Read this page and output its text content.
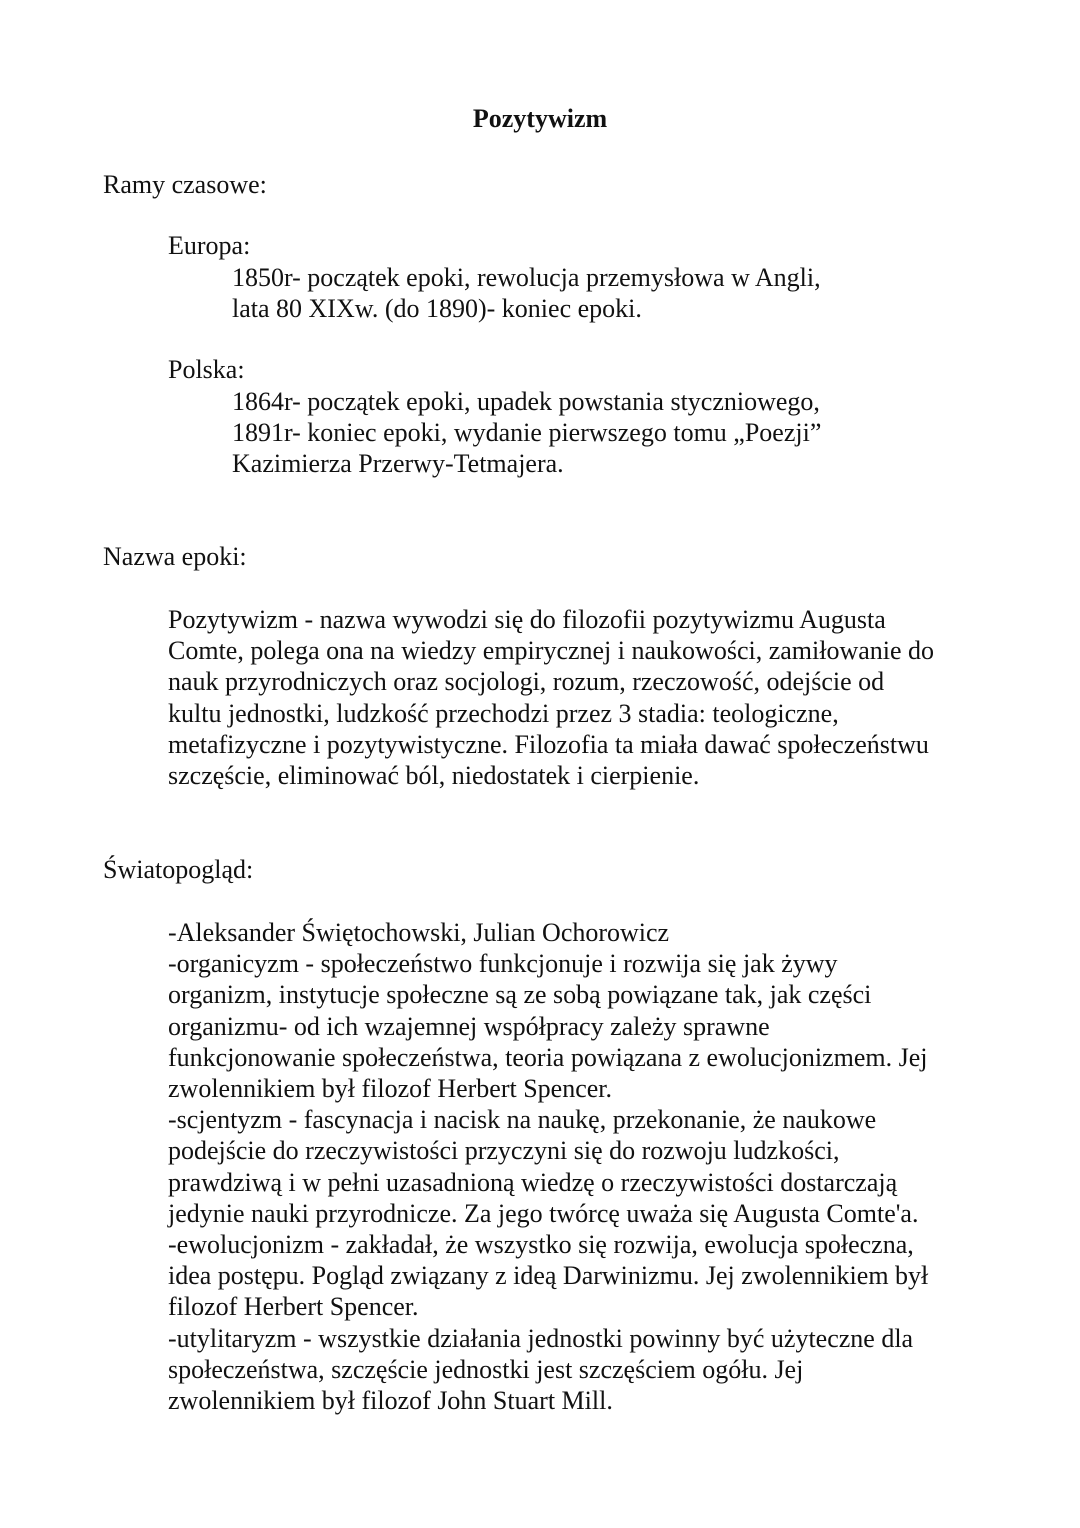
Pozytywizm
Ramy czasowe:
Europa:
1850r- początek epoki, rewolucja przemysłowa w Angli,
lata 80 XIXw. (do 1890)- koniec epoki.
Polska:
1864r- początek epoki, upadek powstania styczniowego,
1891r- koniec epoki, wydanie pierwszego tomu „Poezji”
Kazimierza Przerwy-Tetmajera.
Nazwa epoki:
Pozytywizm - nazwa wywodzi się do filozofii pozytywizmu Augusta
Comte, polega ona na wiedzy empirycznej i naukowości, zamiłowanie do
nauk przyrodniczych oraz socjologi, rozum, rzeczowość, odejście od
kultu jednostki, ludzkość przechodzi przez 3 stadia: teologiczne,
metafizyczne i pozytywistyczne. Filozofia ta miała dawać społeczeństwu
szczęście, eliminować ból, niedostatek i cierpienie.
Światopogląd:
-Aleksander Świętochowski, Julian Ochorowicz
-organicyzm - społeczeństwo funkcjonuje i rozwija się jak żywy
organizm, instytucje społeczne są ze sobą powiązane tak, jak części
organizmu- od ich wzajemnej współpracy zależy sprawne
funkcjonowanie społeczeństwa, teoria powiązana z ewolucjonizmem. Jej
zwolennikiem był filozof Herbert Spencer.
-scjentyzm - fascynacja i nacisk na naukę, przekonanie, że naukowe
podejście do rzeczywistości przyczyni się do rozwoju ludzkości,
prawdziwą i w pełni uzasadnioną wiedzę o rzeczywistości dostarczają
jedynie nauki przyrodnicze. Za jego twórcę uważa się Augusta Comte'a.
-ewolucjonizm - zakładał, że wszystko się rozwija, ewolucja społeczna,
idea postępu. Pogląd związany z ideą Darwinizmu. Jej zwolennikiem był
filozof Herbert Spencer.
-utylitaryzm - wszystkie działania jednostki powinny być użyteczne dla
społeczeństwa, szczęście jednostki jest szczęściem ogółu. Jej
zwolennikiem był filozof John Stuart Mill.
